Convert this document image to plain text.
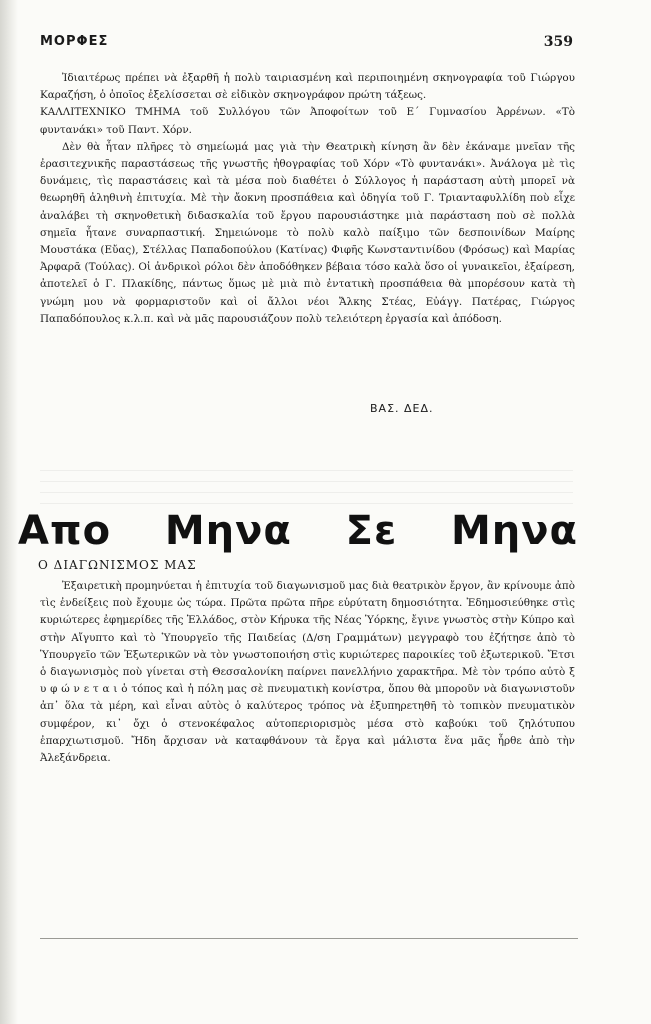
ΜΟΡΦΕΣ	359

Ἰδιαιτέρως πρέπει νὰ ἐξαρθῆ ἡ πολὺ ταιριασμένη καὶ περιποιημένη σκηνογραφία τοῦ Γιώργου Καραζήση, ὁ ὁποῖος ἐξελίσσεται σὲ εἰδικὸν σκηνογράφον πρώτη τάξεως.

ΚΑΛΛΙΤΕΧΝΙΚΟ ΤΜΗΜΑ τοῦ Συλλόγου τῶν Ἀποφοίτων τοῦ Ε΄ Γυμνασίου Ἀρρένων. «Τὸ φυντανάκι» τοῦ Παντ. Χόρν.

Δὲν θὰ ἦταν πλῆρες τὸ σημείωμά μας γιὰ τὴν Θεατρικὴ κίνηση ἂν δὲν ἐκάναμε μνεῖαν τῆς ἐρασιτεχνικῆς παραστάσεως τῆς γνωστῆς ἠθογραφίας τοῦ Χόρν «Τὸ φυντανάκι». Ἀνάλογα μὲ τὶς δυνάμεις, τὶς παραστάσεις καὶ τὰ μέσα ποὺ διαθέτει ὁ Σύλλογος ἡ παράσταση αὐτὴ μπορεῖ νὰ θεωρηθῆ ἀληθινὴ ἐπιτυχία. Μὲ τὴν ἄοκνη προσπάθεια καὶ ὁδηγία τοῦ Γ. Τριανταφυλλίδη ποὺ εἶχε ἀναλάβει τὴ σκηνοθετικὴ διδασκαλία τοῦ ἔργου παρουσιάστηκε μιὰ παράσταση ποὺ σὲ πολλὰ σημεῖα ἦτανε συναρπαστική. Σημειώνομε τὸ πολὺ καλὸ παίξιμο τῶν δεσποινίδων Μαίρης Μουστάκα (Εὔας), Στέλλας Παπαδοπούλου (Κατίνας) Φιφῆς Κωνσταντινίδου (Φρόσως) καὶ Μαρίας Ἀρφαρᾶ (Τούλας). Οἱ ἀνδρικοὶ ρόλοι δὲν ἀποδόθηκεν βέβαια τόσο καλὰ ὅσο οἱ γυναικεῖοι, ἐξαίρεση, ἀποτελεῖ ὁ Γ. Πλακίδης, πάντως ὅμως μὲ μιὰ πιὸ ἐντατικὴ προσπάθεια θὰ μπορέσουν κατὰ τὴ γνώμη μου νὰ φορμαριστοῦν καὶ οἱ ἄλλοι νέοι Ἄλκης Στέας, Εὐάγγ. Πατέρας, Γιώργος Παπαδόπουλος κ.λ.π. καὶ νὰ μᾶς παρουσιάζουν πολὺ τελειότερη ἐργασία καὶ ἀπόδοση.

ΒΑΣ. ΔΕΔ.
Απο Μηνα Σε Μηνα
Ο ΔΙΑΓΩΝΙΣΜΟΣ ΜΑΣ

Ἐξαιρετικὴ προμηνύεται ἡ ἐπιτυχία τοῦ διαγωνισμοῦ μας διὰ θεατρικὸν ἔργον, ἂν κρίνουμε ἀπὸ τὶς ἐνδείξεις ποὺ ἔχουμε ὡς τώρα. Πρῶτα πρῶτα πῆρε εὐρύτατη δημοσιότητα. Ἐδημοσιεύθηκε στὶς κυριώτερες ἐφημερίδες τῆς Ἑλλάδος, στὸν Κήρυκα τῆς Νέας Ὑόρκης, ἔγινε γνωστὸς στὴν Κύπρο καὶ στὴν Αἴγυπτο καὶ τὸ Ὑπουργεῖο τῆς Παιδείας (Δ/ση Γραμμάτων) μεγγραφὸ του ἐζήτησε ἀπὸ τὸ Ὑπουργεῖο τῶν Ἐξωτερικῶν νὰ τὸν γνωστοποιήση στὶς κυριώτερες παροικίες τοῦ ἐξωτερικοῦ. Ἔτσι ὁ διαγωνισμὸς ποὺ γίνεται στὴ Θεσσαλονίκη παίρνει πανελλήνιο χαρακτῆρα. Μὲ τὸν τρόπο αὐτὸ ξ υ φ ώ ν ε τ α ι ὁ τόπος καὶ ἡ πόλη μας σὲ πνευματικὴ κονίστρα, ὅπου θὰ μποροῦν νὰ διαγωνιστοῦν ἀπ᾿ ὅλα τὰ μέρη, καὶ εἶναι αὐτὸς ὁ καλύτερος τρόπος νὰ ἐξυπηρετηθῆ τὸ τοπικὸν πνευματικὸν συμφέρον, κι᾿ ὄχι ὁ στενοκέφαλος αὐτοπεριορισμὸς μέσα στὸ καβούκι τοῦ ζηλότυπου ἐπαρχιωτισμοῦ. Ἤδη ἄρχισαν νὰ καταφθάνουν τὰ ἔργα καὶ μάλιστα ἕνα μᾶς ἦρθε ἀπὸ τὴν Ἀλεξάνδρεια.
